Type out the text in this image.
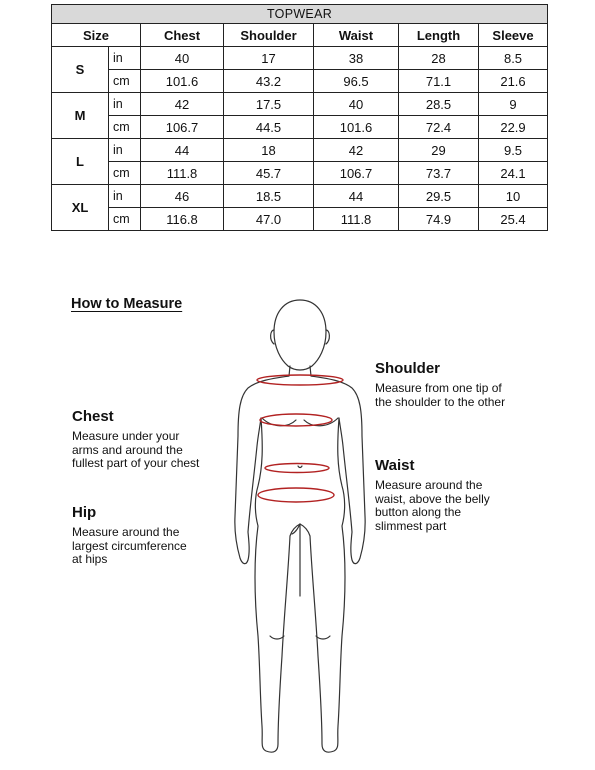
TOPWEAR						
Size		Chest	Shoulder	Waist	Length	Sleeve
S	in	40	17	38	28	8.5
	cm	101.6	43.2	96.5	71.1	21.6
M	in	42	17.5	40	28.5	9
	cm	106.7	44.5	101.6	72.4	22.9
L	in	44	18	42	29	9.5
	cm	111.8	45.7	106.7	73.7	24.1
XL	in	46	18.5	44	29.5	10
	cm	116.8	47.0	111.8	74.9	25.4
How to Measure
Chest
Measure under your
arms and around the
fullest part of your chest
Hip
Measure around the
largest circumference
at hips
Shoulder
Measure from one tip of
the shoulder to the other
Waist
Measure around the
waist, above the belly
button along the
slimmest part
